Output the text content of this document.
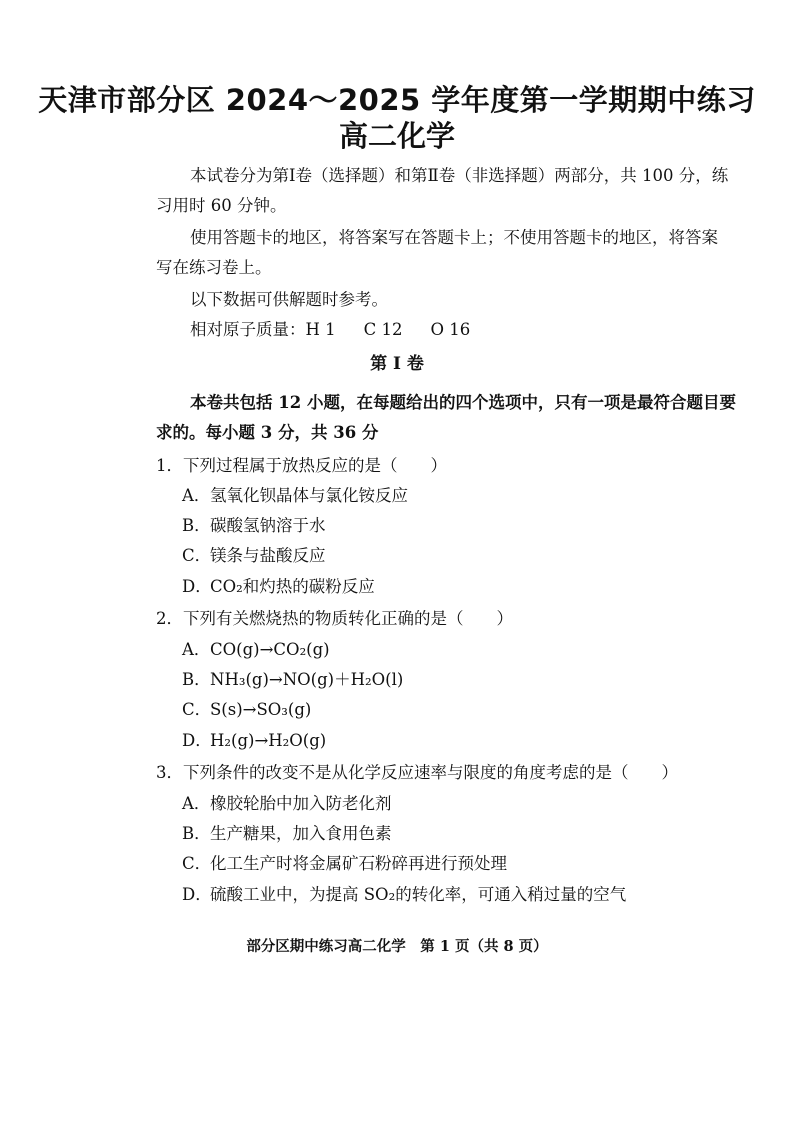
天津市部分区 2024～2025 学年度第一学期期中练习
高二化学
本试卷分为第Ⅰ卷（选择题）和第Ⅱ卷（非选择题）两部分，共 100 分，练
习用时 60 分钟。
使用答题卡的地区，将答案写在答题卡上；不使用答题卡的地区，将答案
写在练习卷上。
以下数据可供解题时参考。
相对原子质量：H 1 C 12 O 16
第 Ⅰ 卷
本卷共包括 12 小题，在每题给出的四个选项中，只有一项是最符合题目要
求的。每小题 3 分，共 36 分
1．下列过程属于放热反应的是（　　）
A．氢氧化钡晶体与氯化铵反应
B．碳酸氢钠溶于水
C．镁条与盐酸反应
D．CO₂和灼热的碳粉反应
2．下列有关燃烧热的物质转化正确的是（　　）
A．CO(g)→CO₂(g)
B．NH₃(g)→NO(g)＋H₂O(l)
C．S(s)→SO₃(g)
D．H₂(g)→H₂O(g)
3．下列条件的改变不是从化学反应速率与限度的角度考虑的是（　　）
A．橡胶轮胎中加入防老化剂
B．生产糖果，加入食用色素
C．化工生产时将金属矿石粉碎再进行预处理
D．硫酸工业中，为提高 SO₂的转化率，可通入稍过量的空气
部分区期中练习高二化学　第 1 页（共 8 页）
